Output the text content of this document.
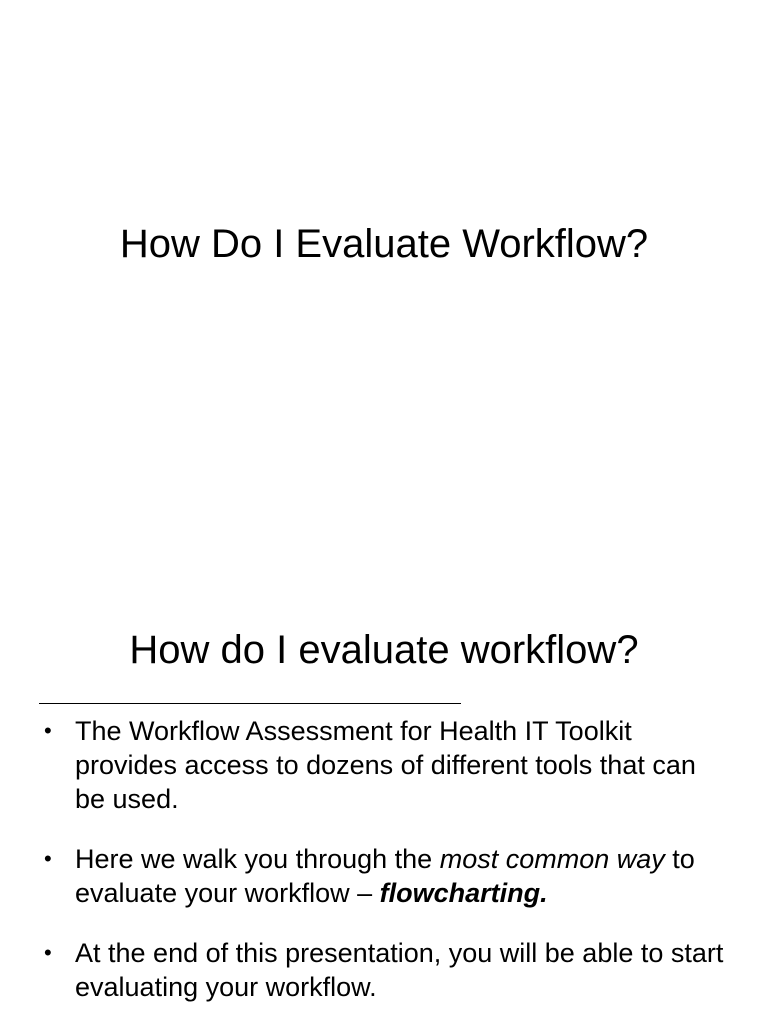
How Do I Evaluate Workflow?
How do I evaluate workflow?
• The Workflow Assessment for Health IT Toolkit provides access to dozens of different tools that can be used.
• Here we walk you through the most common way to evaluate your workflow – flowcharting.
• At the end of this presentation, you will be able to start evaluating your workflow.
